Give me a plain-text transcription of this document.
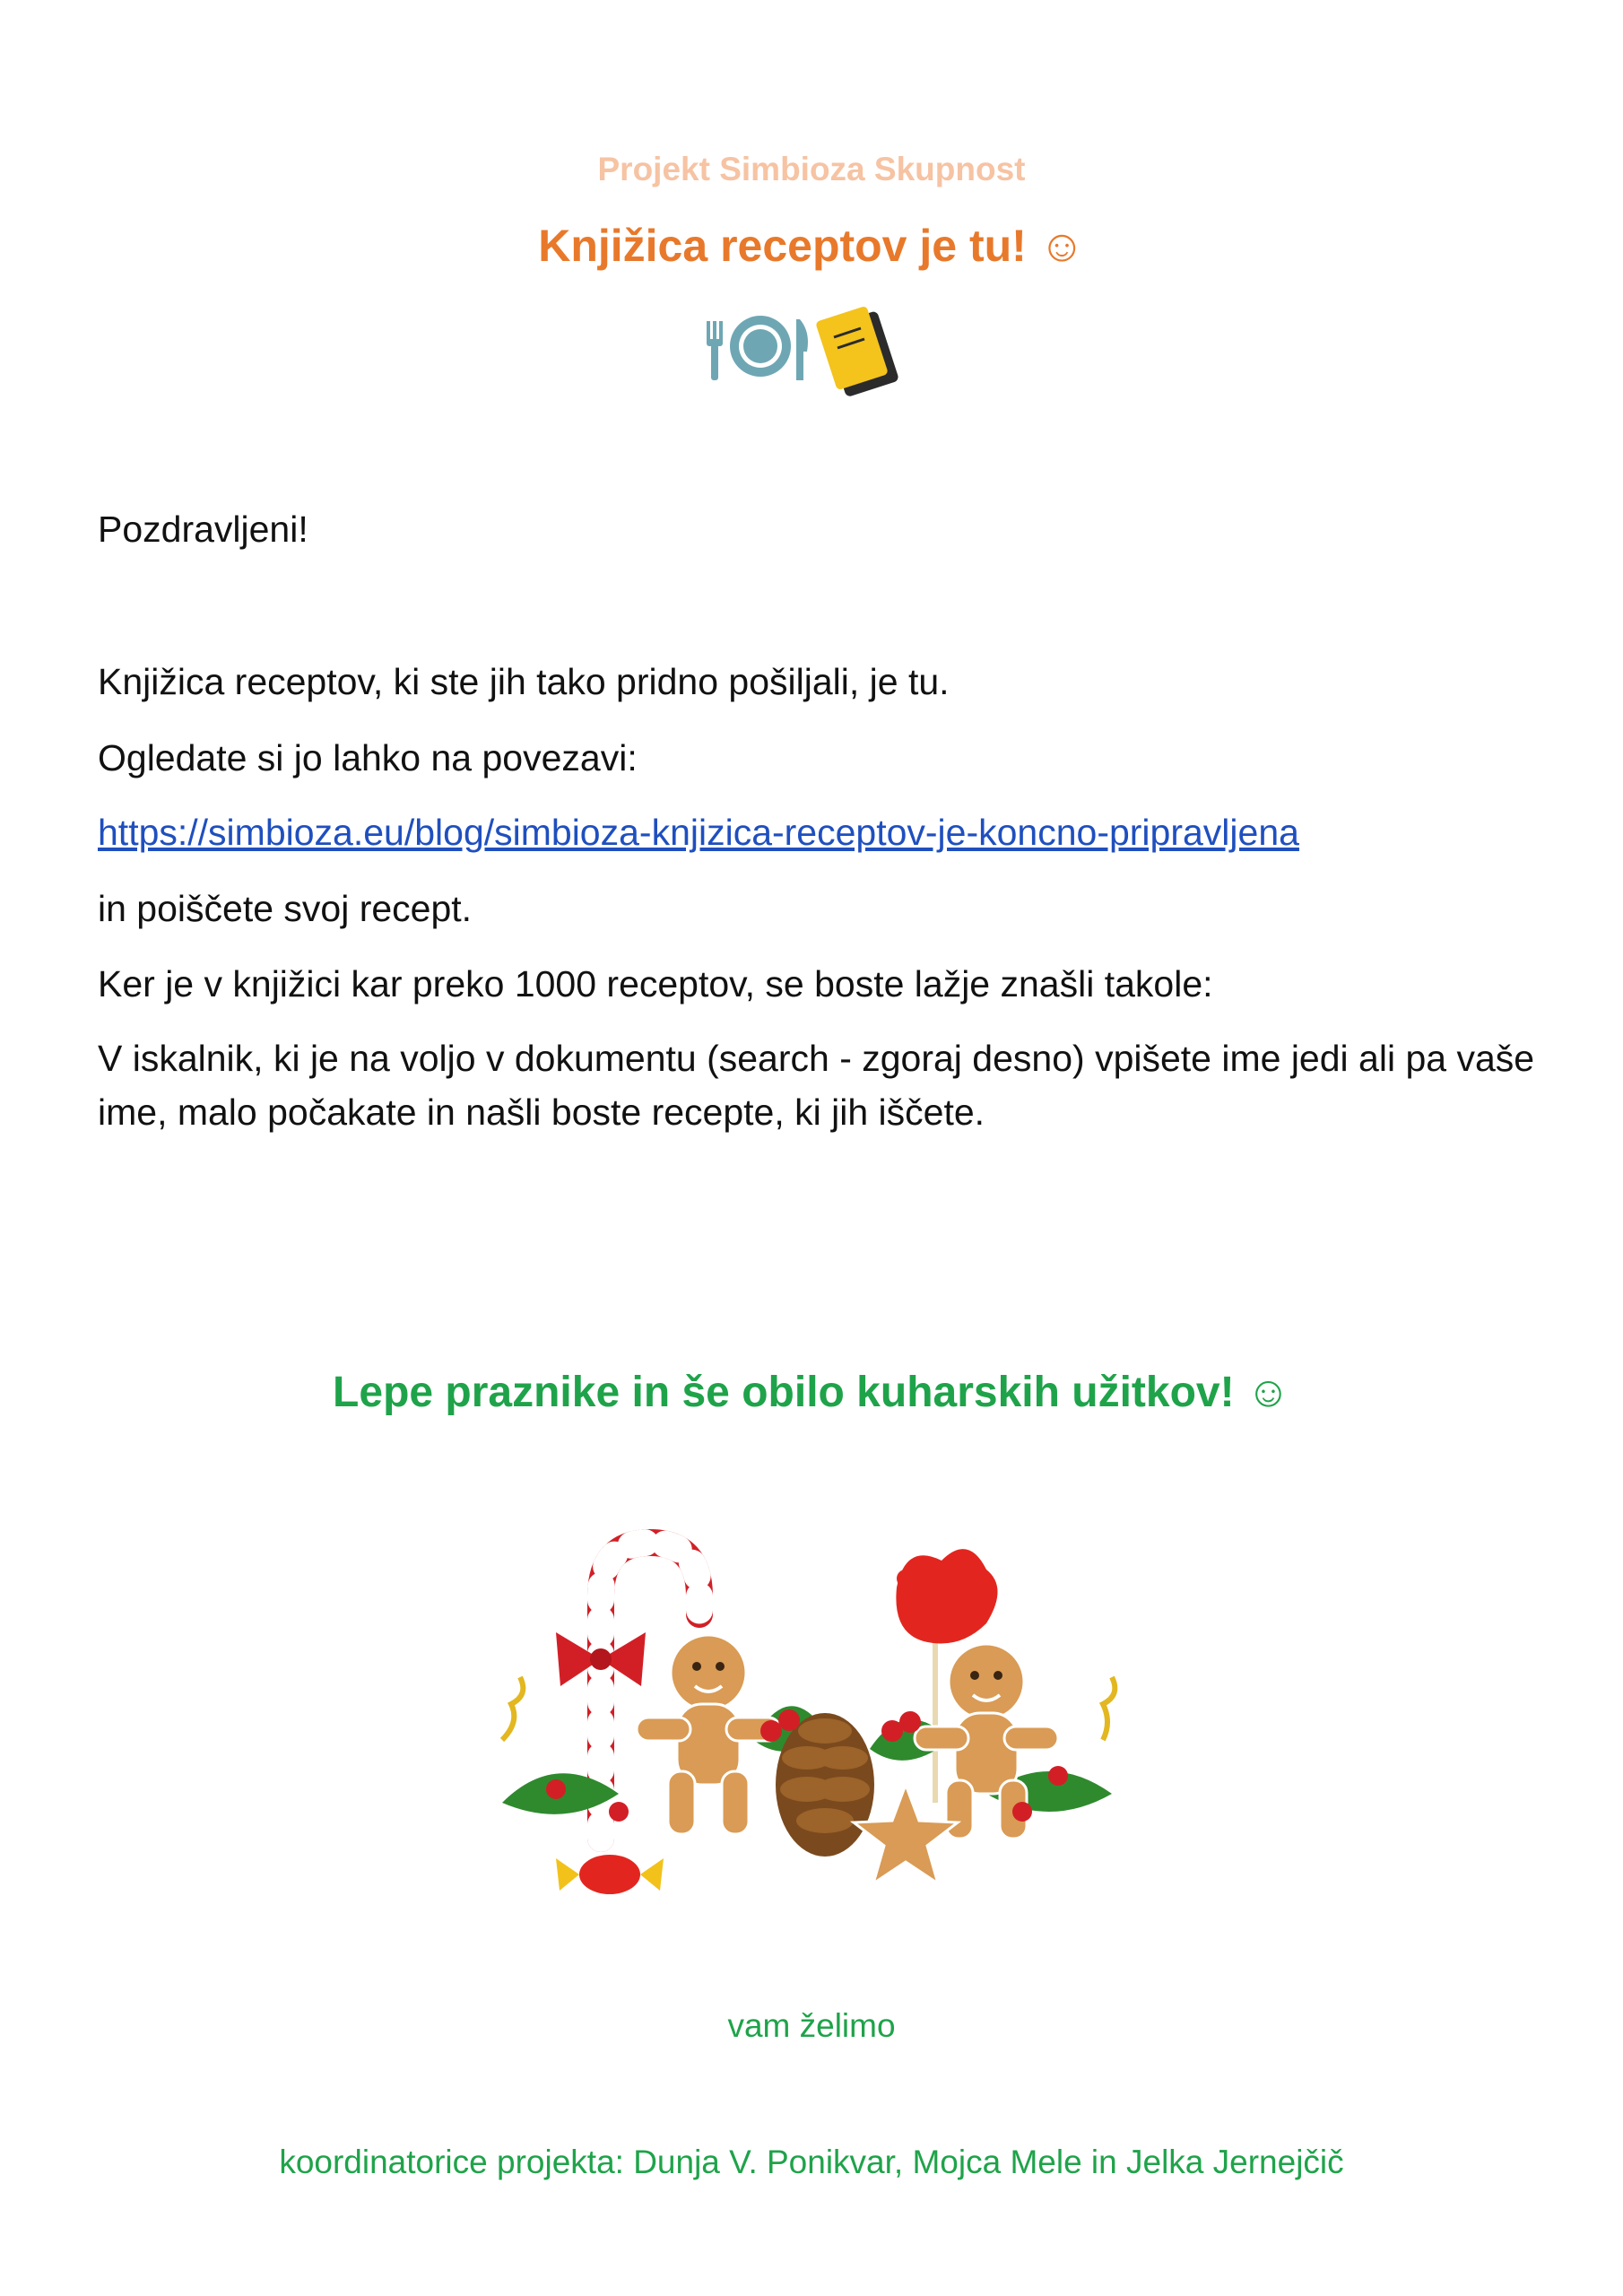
Projekt Simbioza Skupnost
Knjižica receptov je tu! ☺
Pozdravljeni!
Knjižica receptov, ki ste jih tako pridno pošiljali, je tu.
Ogledate si jo lahko na povezavi:
https://simbioza.eu/blog/simbioza-knjizica-receptov-je-koncno-pripravljena
in poiščete svoj recept.
Ker je v knjižici kar preko 1000 receptov, se boste lažje znašli takole:
V iskalnik, ki je na voljo v dokumentu (search - zgoraj desno) vpišete ime jedi ali pa vaše ime, malo počakate in našli boste recepte, ki jih iščete.
Lepe praznike in še obilo kuharskih užitkov! ☺
vam želimo
koordinatorice projekta: Dunja V. Ponikvar, Mojca Mele in Jelka Jernejčič
